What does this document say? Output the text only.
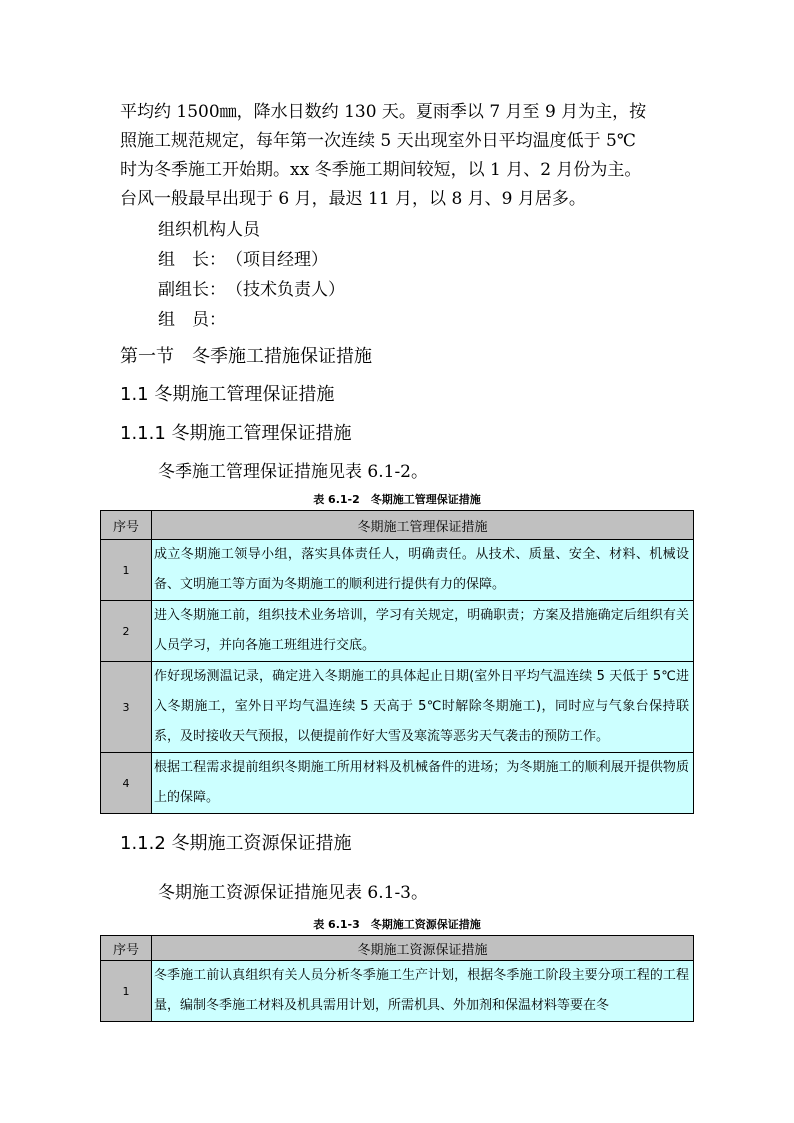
平均约 1500㎜，降水日数约 130 天。夏雨季以 7 月至 9 月为主，按
照施工规范规定，每年第一次连续 5 天出现室外日平均温度低于 5℃
时为冬季施工开始期。xx 冬季施工期间较短，以 1 月、2 月份为主。
台风一般最早出现于 6 月，最迟 11 月，以 8 月、9 月居多。
组织机构人员
组　长：　（项目经理）
副组长：　（技术负责人）
组　员：
第一节　冬季施工措施保证措施
1.1 冬期施工管理保证措施
1.1.1 冬期施工管理保证措施
冬季施工管理保证措施见表 6.1-2。
表 6.1-2　冬期施工管理保证措施
序号	冬期施工管理保证措施
1	成立冬期施工领导小组，落实具体责任人，明确责任。从技术、质量、安全、材料、机械设备、文明施工等方面为冬期施工的顺利进行提供有力的保障。
2	进入冬期施工前，组织技术业务培训，学习有关规定，明确职责；方案及措施确定后组织有关人员学习，并向各施工班组进行交底。
3	作好现场测温记录，确定进入冬期施工的具体起止日期(室外日平均气温连续 5 天低于 5℃进入冬期施工，室外日平均气温连续 5 天高于 5℃时解除冬期施工)，同时应与气象台保持联系，及时接收天气预报，以便提前作好大雪及寒流等恶劣天气袭击的预防工作。
4	根据工程需求提前组织冬期施工所用材料及机械备件的进场；为冬期施工的顺利展开提供物质上的保障。
1.1.2 冬期施工资源保证措施
冬期施工资源保证措施见表 6.1-3。
表 6.1-3　冬期施工资源保证措施
序号	冬期施工资源保证措施
1	冬季施工前认真组织有关人员分析冬季施工生产计划，根据冬季施工阶段主要分项工程的工程量，编制冬季施工材料及机具需用计划，所需机具、外加剂和保温材料等要在冬
